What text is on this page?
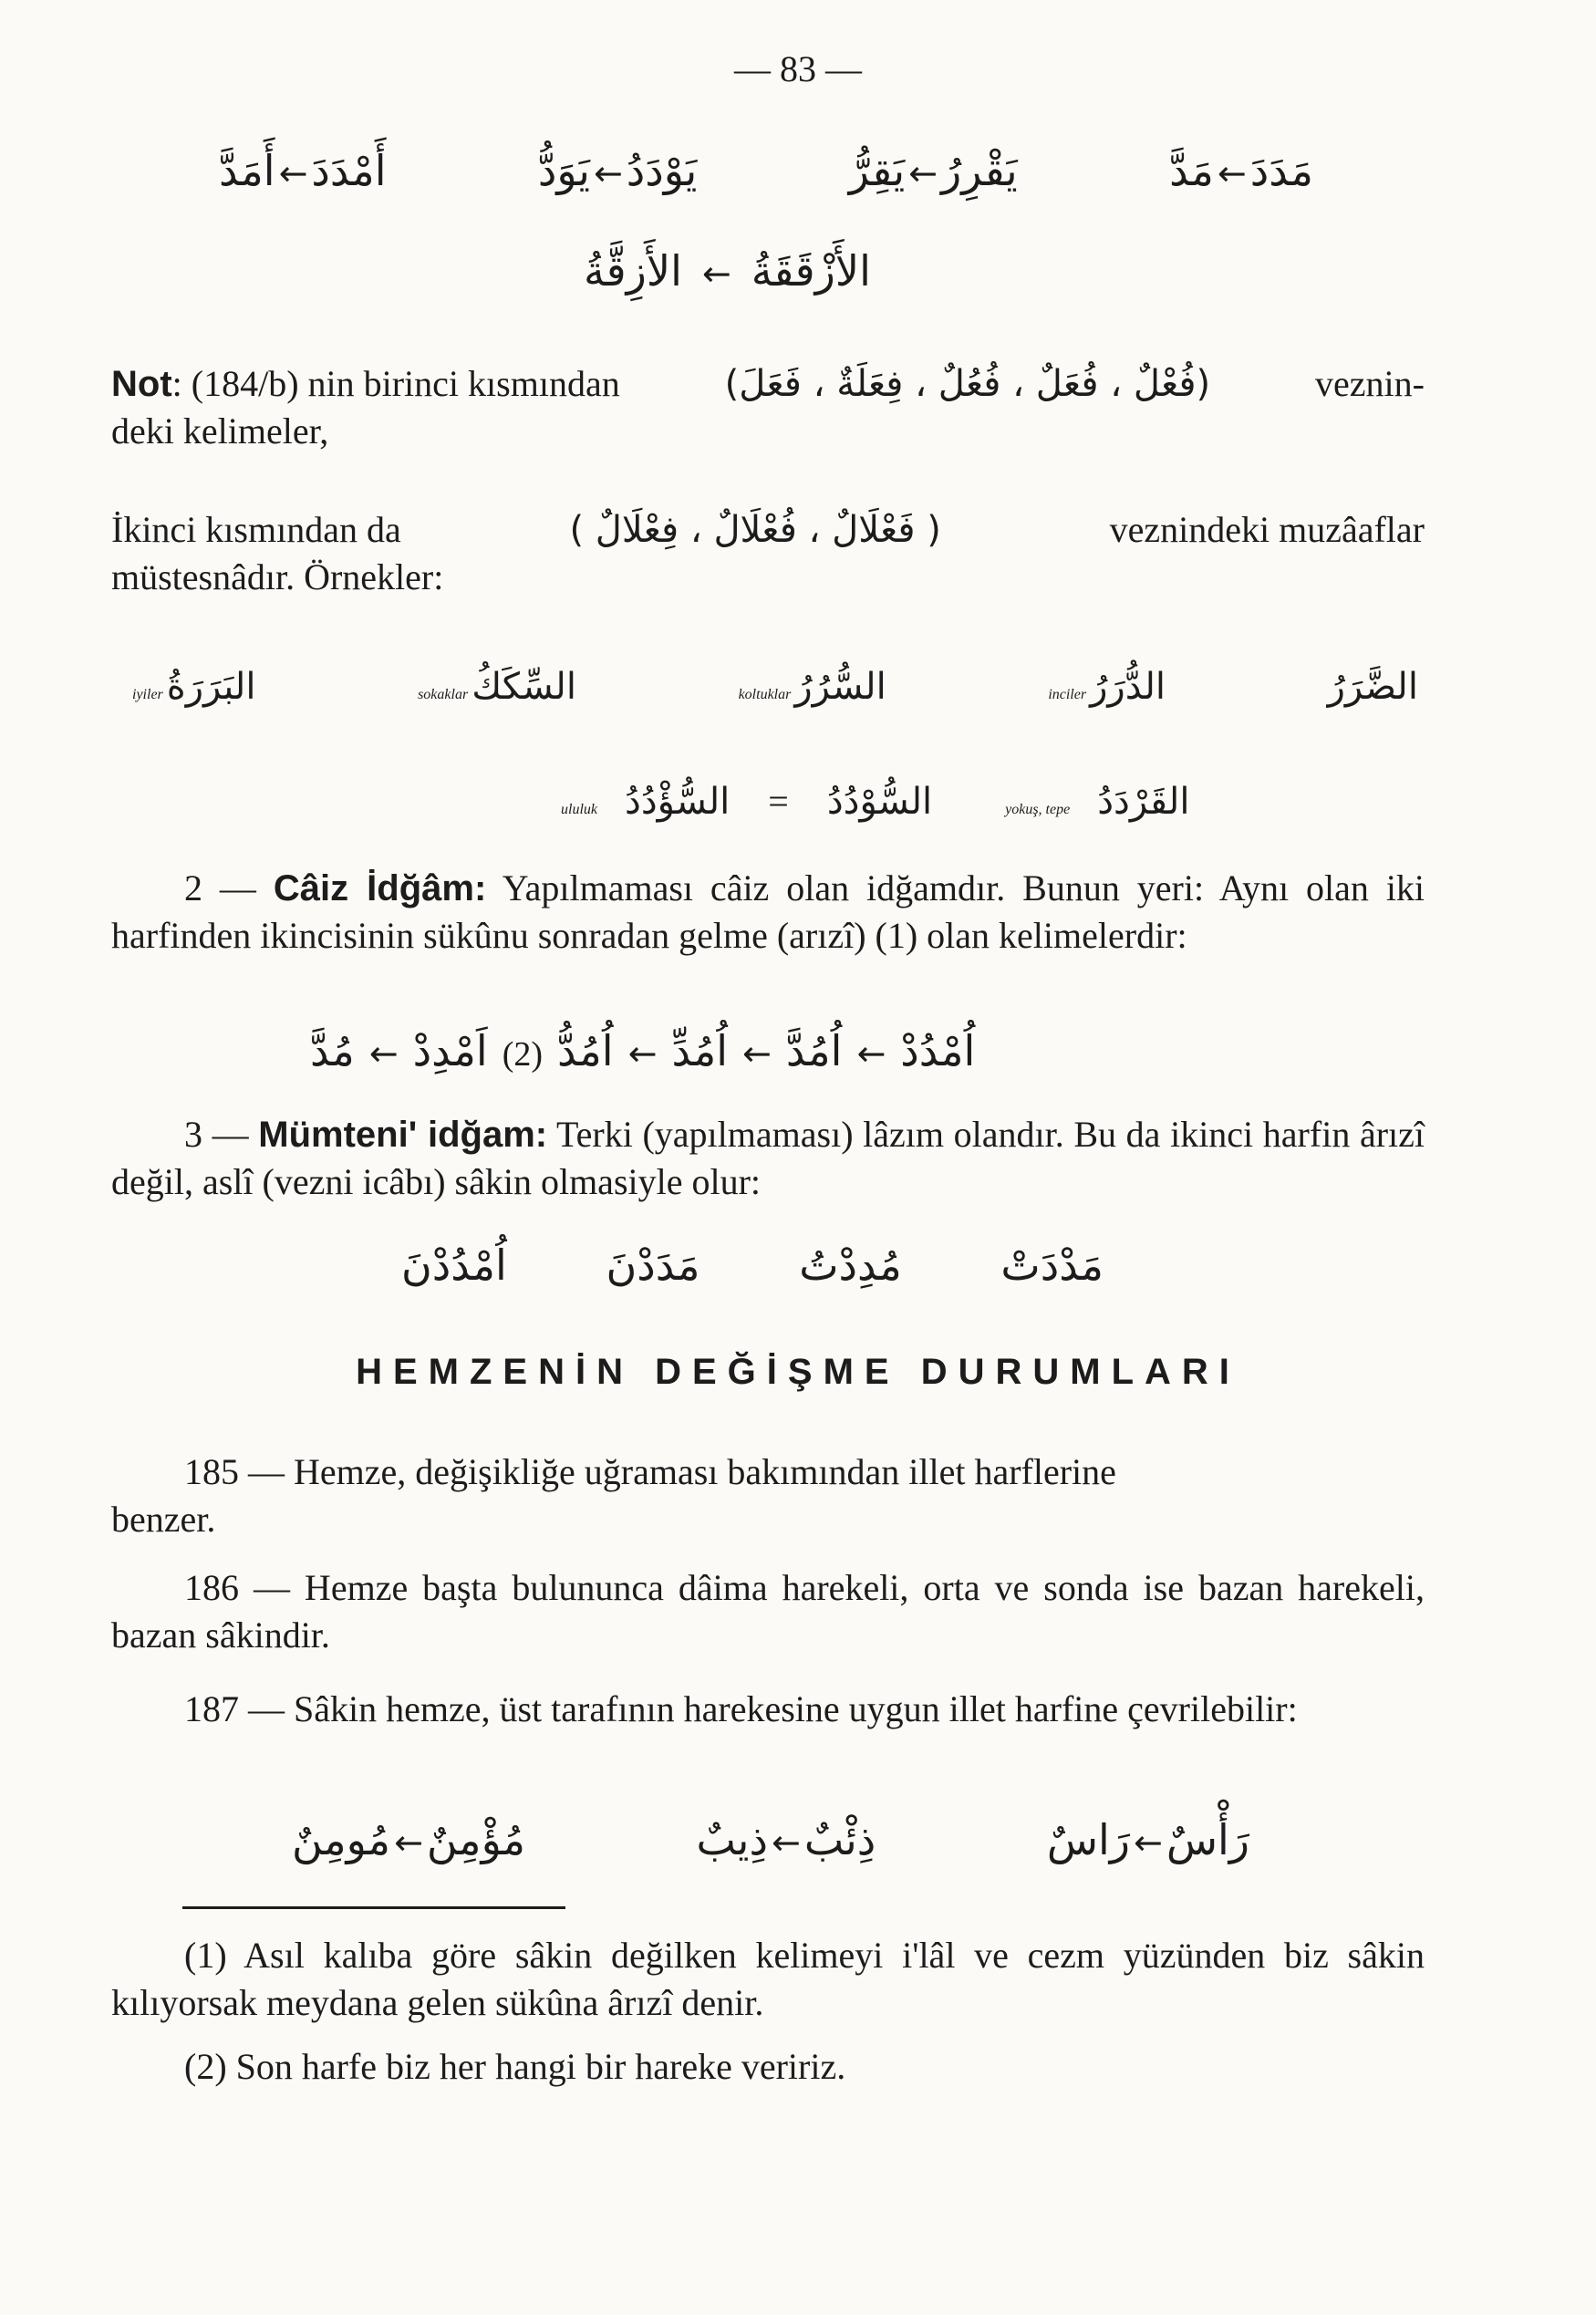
— 83 —
أَمَدَّ ← أَمْدَدَ	يَوَدُّ ← يَوْدَدُ	يَقِرُّ ← يَقْرِرُ	مَدَّ ← مَدَدَ
الأَزِقَّةُ ← الأَزْقَقَةُ
Not: (184/b) nin birinci kısmından	(فُعْلٌ ، فُعَلٌ ، فُعُلٌ ، فِعَلَةٌ ، فَعَلَ)	veznin-
deki kelimeler,
İkinci kısmından da	( فَعْلَالٌ ، فُعْلَالٌ ، فِعْلَالٌ )	veznindeki muzâaflar
müstesnâdır. Örnekler:
iyiler البَرَرَةُ	sokaklar السِّكَكُ	koltuklar السُّرُرُ	inciler الدُّرَرُ	الضَّرَرُ
ululuk السُّؤْدُدُ = السُّوْدُدُ	yokuş, tepe القَرْدَدُ
2 — Câiz İdğâm: Yapılmaması câiz olan idğamdır. Bunun yeri: Aynı olan iki harfinden ikincisinin sükûnu sonradan gelme (arızî) (1) olan kelimelerdir:
مُدَّ ← اَمْدِدْ (2) اُمُدُّ ← اُمُدِّ ← اُمُدَّ ← اُمْدُدْ
3 — Mümteni' idğam: Terki (yapılmaması) lâzım olandır. Bu da ikinci harfin ârızî değil, aslî (vezni icâbı) sâkin olmasiyle olur:
اُمْدُدْنَ مَدَدْنَ مُدِدْتُ مَدْدَتْ
HEMZENİN DEĞİŞME DURUMLARI
185 — Hemze, değişikliğe uğraması bakımından illet harflerine
benzer.
186 — Hemze başta bulununca dâima harekeli, orta ve sonda ise bazan harekeli, bazan sâkindir.
187 — Sâkin hemze, üst tarafının harekesine uygun illet harfine çevrilebilir:
مُومِنٌ ← مُؤْمِنٌ	ذِيبٌ ← ذِئْبٌ	رَاسٌ ← رَأْسٌ
(1) Asıl kalıba göre sâkin değilken kelimeyi i'lâl ve cezm yüzünden biz sâkin kılıyorsak meydana gelen sükûna ârızî denir.
(2) Son harfe biz her hangi bir hareke veririz.
